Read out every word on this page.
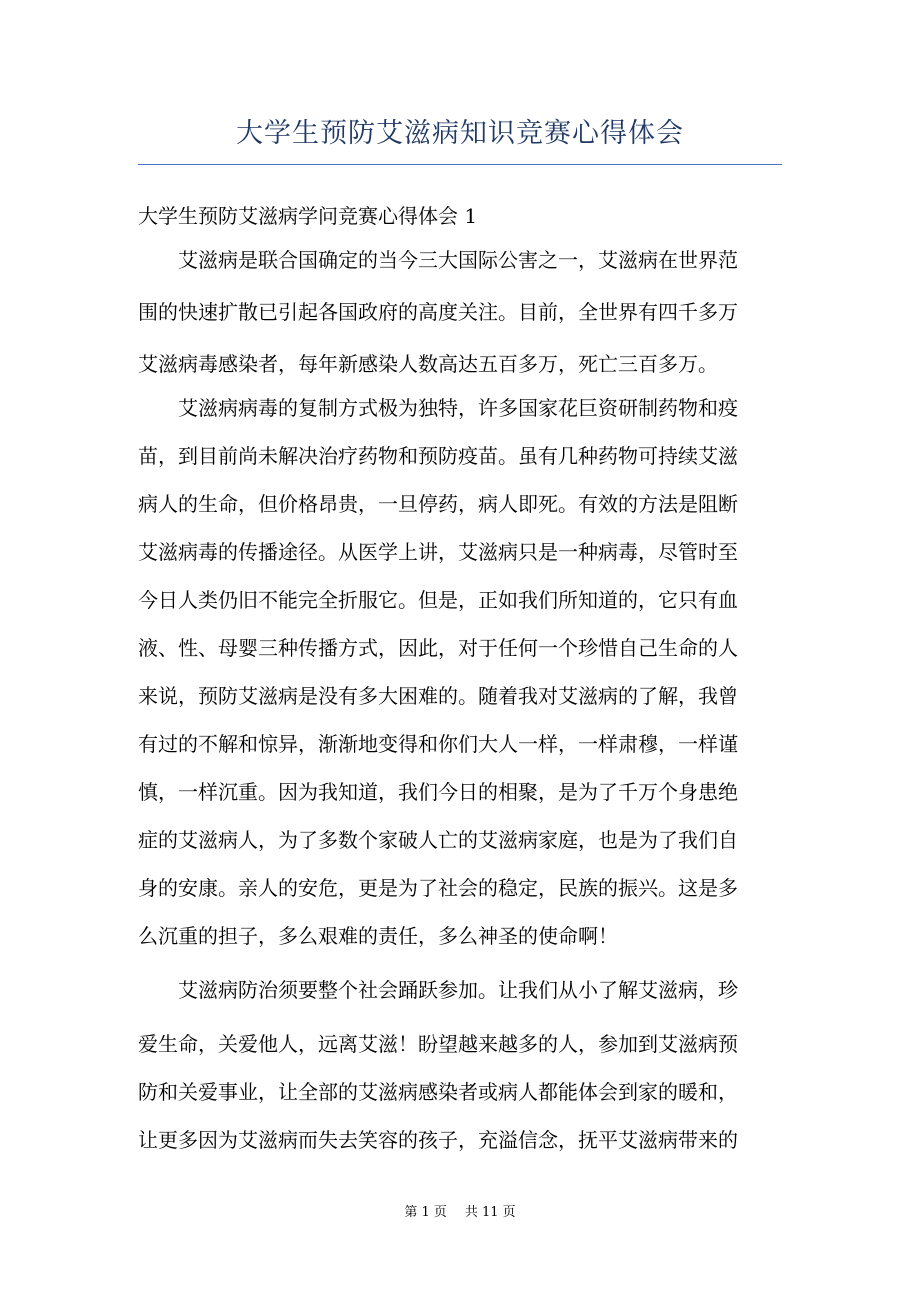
大学生预防艾滋病知识竞赛心得体会
大学生预防艾滋病学问竞赛心得体会 1
艾滋病是联合国确定的当今三大国际公害之一，艾滋病在世界范
围的快速扩散已引起各国政府的高度关注。目前，全世界有四千多万
艾滋病毒感染者，每年新感染人数高达五百多万，死亡三百多万。
艾滋病病毒的复制方式极为独特，许多国家花巨资研制药物和疫
苗，到目前尚未解决治疗药物和预防疫苗。虽有几种药物可持续艾滋
病人的生命，但价格昂贵，一旦停药，病人即死。有效的方法是阻断
艾滋病毒的传播途径。从医学上讲，艾滋病只是一种病毒，尽管时至
今日人类仍旧不能完全折服它。但是，正如我们所知道的，它只有血
液、性、母婴三种传播方式，因此，对于任何一个珍惜自己生命的人
来说，预防艾滋病是没有多大困难的。随着我对艾滋病的了解，我曾
有过的不解和惊异，渐渐地变得和你们大人一样，一样肃穆，一样谨
慎，一样沉重。因为我知道，我们今日的相聚，是为了千万个身患绝
症的艾滋病人，为了多数个家破人亡的艾滋病家庭，也是为了我们自
身的安康。亲人的安危，更是为了社会的稳定，民族的振兴。这是多
么沉重的担子，多么艰难的责任，多么神圣的使命啊！
艾滋病防治须要整个社会踊跃参加。让我们从小了解艾滋病，珍
爱生命，关爱他人，远离艾滋！盼望越来越多的人，参加到艾滋病预
防和关爱事业，让全部的艾滋病感染者或病人都能体会到家的暖和，
让更多因为艾滋病而失去笑容的孩子，充溢信念，抚平艾滋病带来的
第 1 页 共 11 页
